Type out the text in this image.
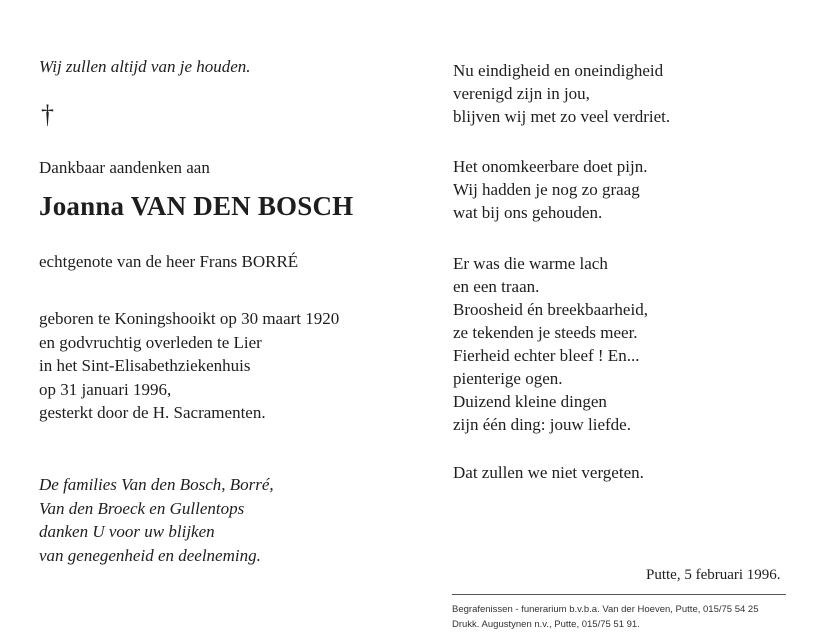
Wij zullen altijd van je houden.
†
Dankbaar aandenken aan
Joanna VAN DEN BOSCH
echtgenote van de heer Frans BORRÉ
geboren te Koningshooikt op 30 maart 1920
en godvruchtig overleden te Lier
in het Sint-Elisabethziekenhuis
op 31 januari 1996,
gesterkt door de H. Sacramenten.
De families Van den Bosch, Borré,
Van den Broeck en Gullentops
danken U voor uw blijken
van genegenheid en deelneming.
Nu eindigheid en oneindigheid
verenigd zijn in jou,
blijven wij met zo veel verdriet.
Het onomkeerbare doet pijn.
Wij hadden je nog zo graag
wat bij ons gehouden.
Er was die warme lach
en een traan.
Broosheid én breekbaarheid,
ze tekenden je steeds meer.
Fierheid echter bleef ! En...
pienterige ogen.
Duizend kleine dingen
zijn één ding: jouw liefde.
Dat zullen we niet vergeten.
Putte, 5 februari 1996.
Begrafenissen - funerarium b.v.b.a. Van der Hoeven, Putte, 015/75 54 25
Drukk. Augustynen n.v., Putte, 015/75 51 91.
